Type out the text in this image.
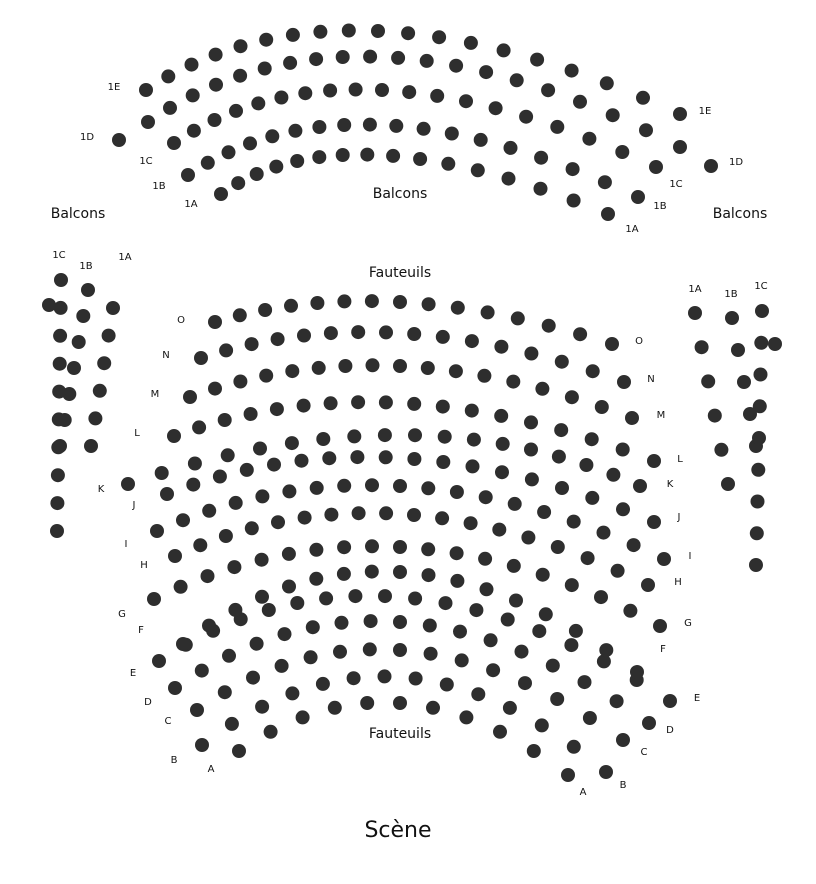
Balcons
Balcons	Balcons
Fauteuils
Fauteuils
Scène
1A
1B
1C
1D
1E
1A
1B
1C
1D
1E
1C
1B
1A
1A 1B
1C
A
B
C
D
E
F
G
H
I
J
K
L
M
N
O
A
B
C
D
E
F
G
H
I
J
K
L
M
N
O
